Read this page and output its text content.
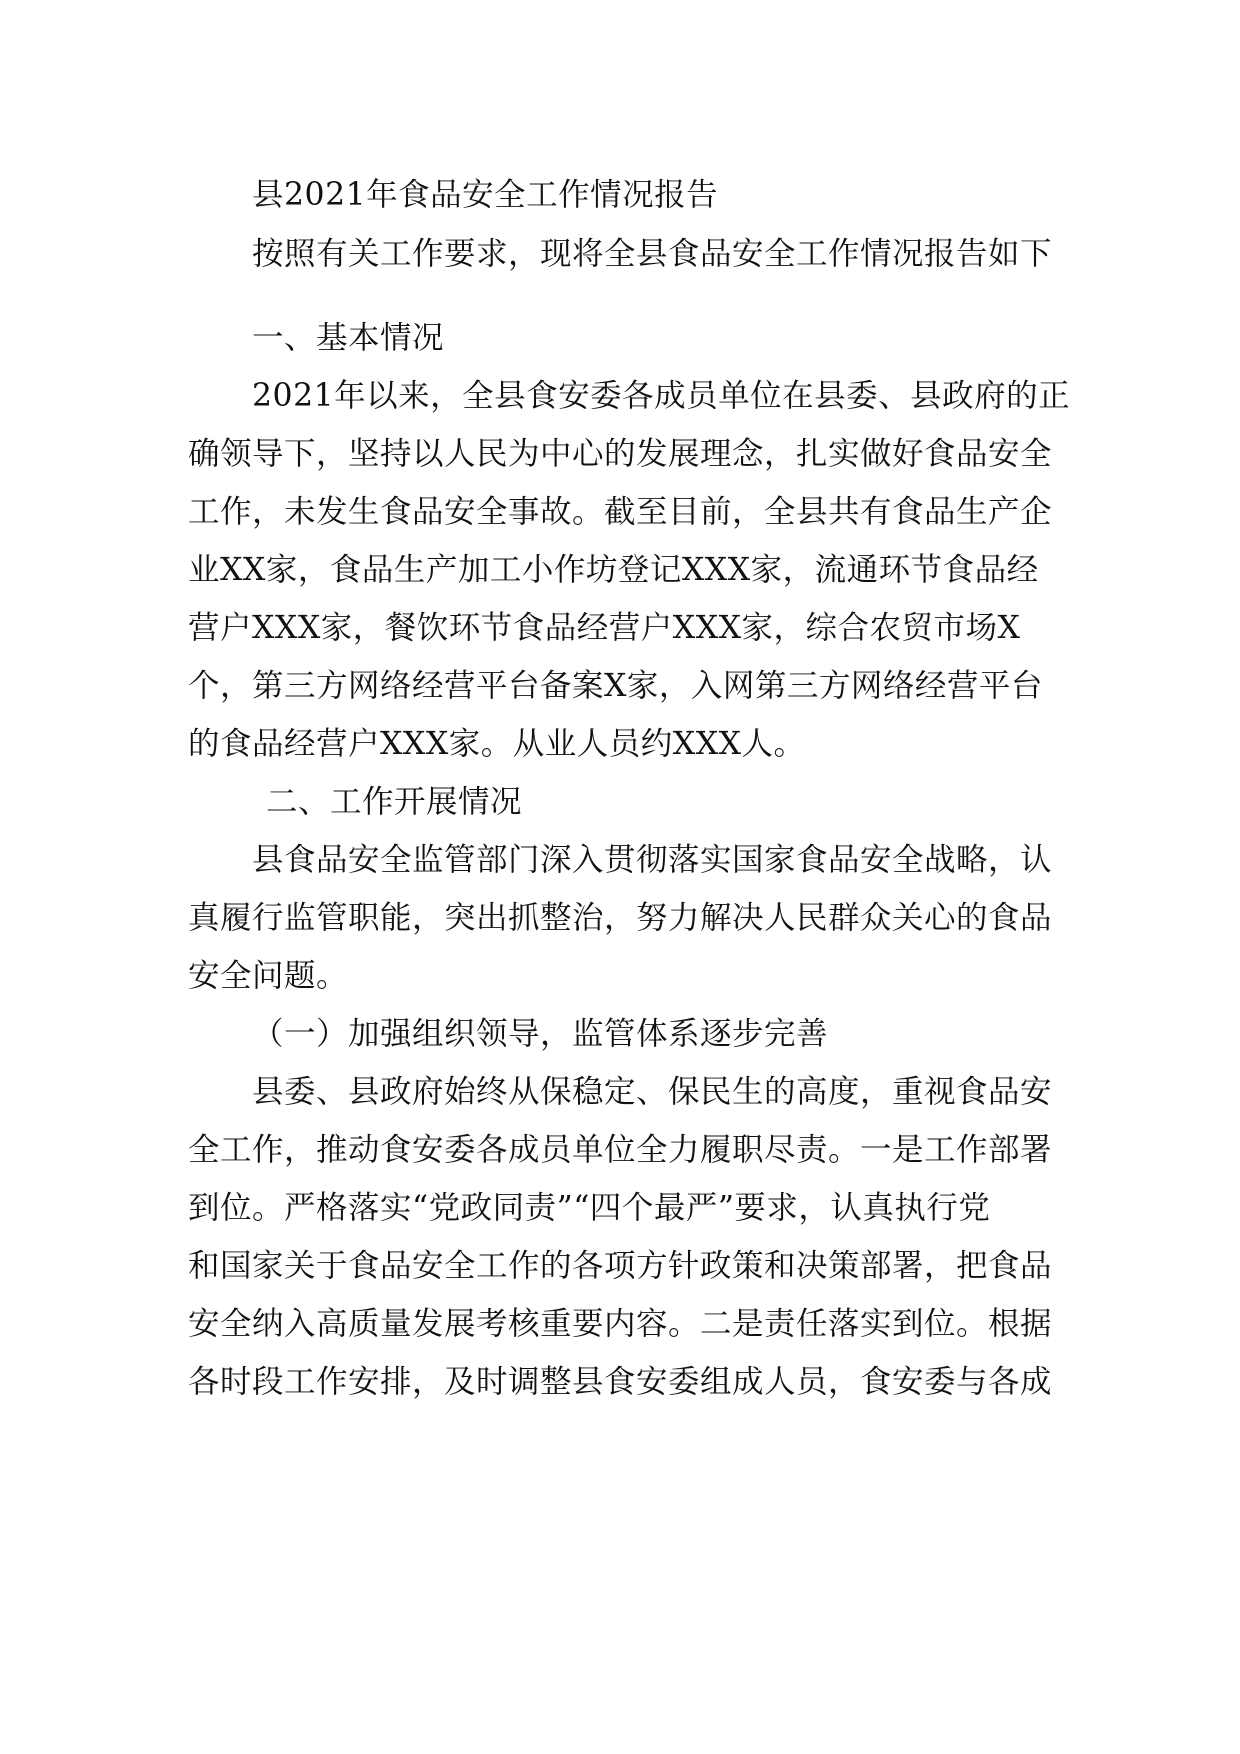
县2021年食品安全工作情况报告

按照有关工作要求，现将全县食品安全工作情况报告如下

一、基本情况

2021年以来，全县食安委各成员单位在县委、县政府的正

确领导下，坚持以人民为中心的发展理念，扎实做好食品安全

工作，未发生食品安全事故。截至目前，全县共有食品生产企

业XX家，食品生产加工小作坊登记XXX家，流通环节食品经

营户XXX家，餐饮环节食品经营户XXX家，综合农贸市场X

个，第三方网络经营平台备案X家，入网第三方网络经营平台

的食品经营户XXX家。从业人员约XXX人。

二、工作开展情况

县食品安全监管部门深入贯彻落实国家食品安全战略，认

真履行监管职能，突出抓整治，努力解决人民群众关心的食品

安全问题。

（一）加强组织领导，监管体系逐步完善

县委、县政府始终从保稳定、保民生的高度，重视食品安

全工作，推动食安委各成员单位全力履职尽责。一是工作部署

到位。严格落实“党政同责”“四个最严”要求，认真执行党

和国家关于食品安全工作的各项方针政策和决策部署，把食品

安全纳入高质量发展考核重要内容。二是责任落实到位。根据

各时段工作安排，及时调整县食安委组成人员，食安委与各成
